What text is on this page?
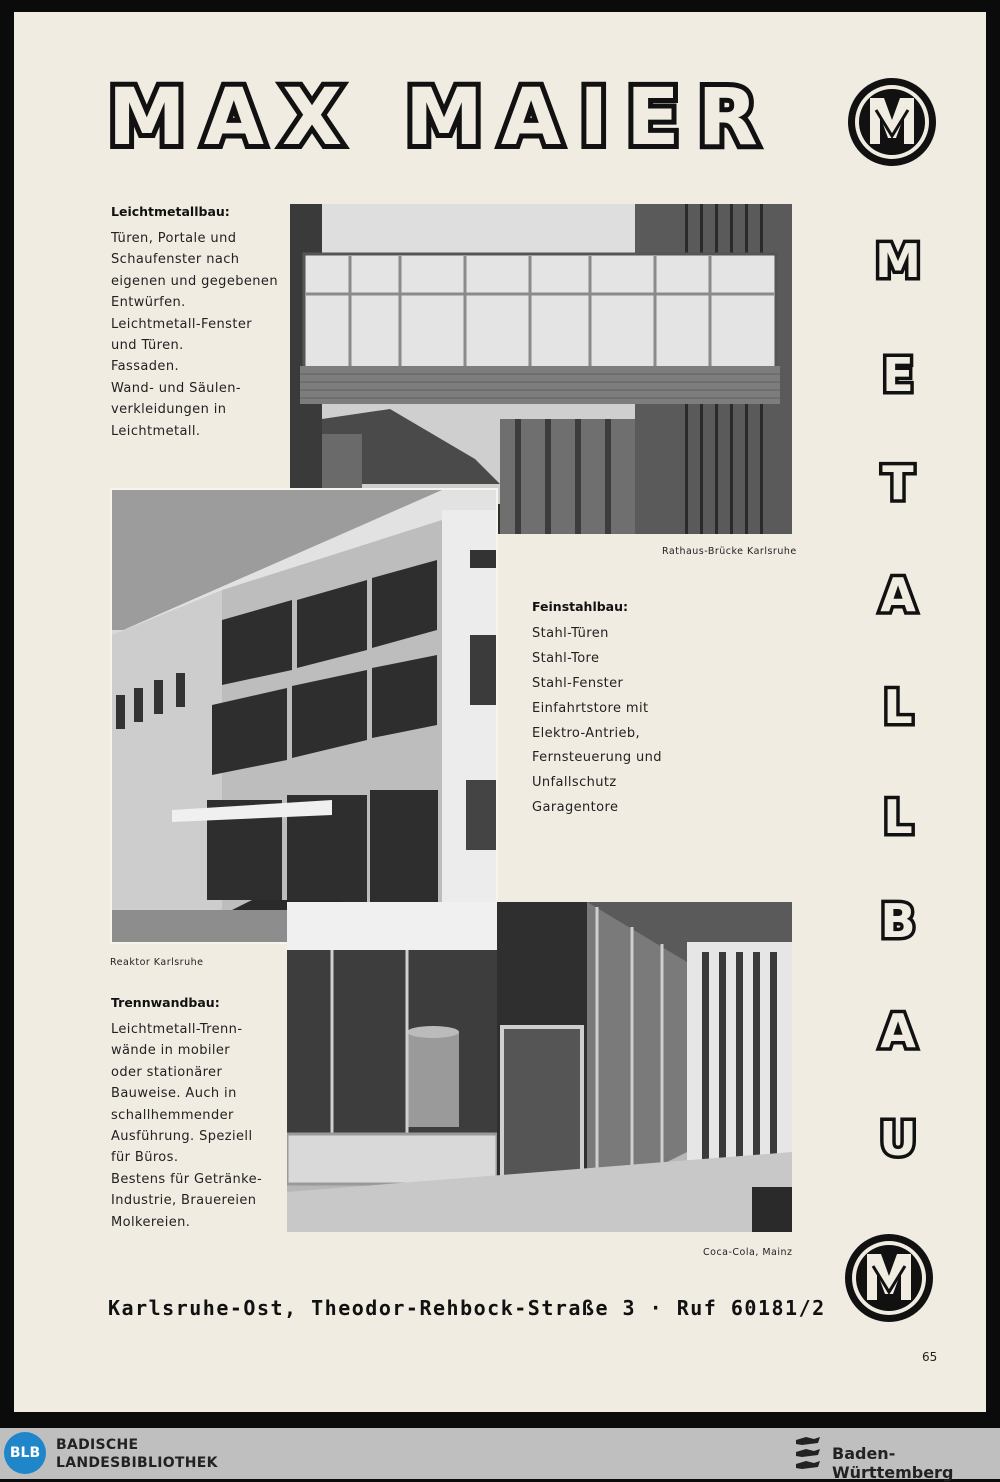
MAX MAIER
M
E
T
A
L
L
B
A
U
Leichtmetallbau:
Türen, Portale und
Schaufenster nach
eigenen und gegebenen
Entwürfen.
Leichtmetall-Fenster
und Türen.
Fassaden.
Wand- und Säulen-
verkleidungen in
Leichtmetall.
Rathaus-Brücke Karlsruhe
Reaktor Karlsruhe
Feinstahlbau:
Stahl-Türen
Stahl-Tore
Stahl-Fenster
Einfahrtstore mit
Elektro-Antrieb,
Fernsteuerung und
Unfallschutz
Garagentore
Coca-Cola, Mainz
Trennwandbau:
Leichtmetall-Trenn-
wände in mobiler
oder stationärer
Bauweise. Auch in
schallhemmender
Ausführung. Speziell
für Büros.
Bestens für Getränke-
Industrie, Brauereien
Molkereien.
Karlsruhe-Ost, Theodor-Rehbock-Straße 3 · Ruf 60181/2
65
BLB	BADISCHE
LANDESBIBLIOTHEK	Baden-Württemberg
